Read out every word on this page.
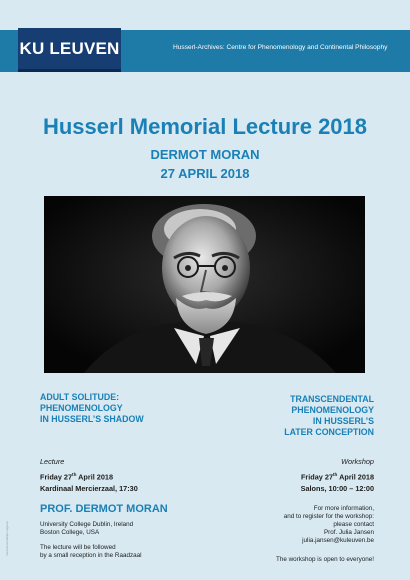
KU LEUVEN	Husserl-Archives: Centre for Phenomenology and Continental Philosophy
Verantwoordelijke uitgever
Husserl Memorial Lecture 2018
DERMOT MORAN
27 APRIL 2018
ADULT SOLITUDE:
PHENOMENOLOGY
IN HUSSERL’S SHADOW
Lecture
Friday 27th April 2018
Kardinaal Mercierzaal, 17:30
PROF. DERMOT MORAN
University College Dublin, Ireland
Boston College, USA
The lecture will be followed
by a small reception in the Raadzaal
TRANSCENDENTAL
PHENOMENOLOGY
IN HUSSERL’S
LATER CONCEPTION
Workshop
Friday 27th April 2018
Salons, 10:00 – 12:00
For more information,
and to register for the workshop:
please contact
Prof. Julia Jansen
julia.jansen@kuleuven.be
The workshop is open to everyone!
